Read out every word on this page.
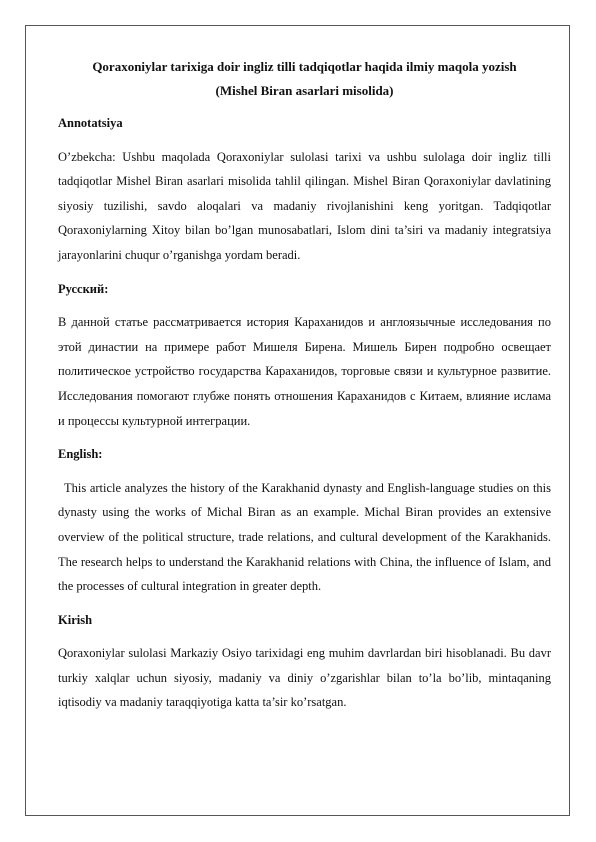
Qoraxoniylar tarixiga doir ingliz tilli tadqiqotlar haqida ilmiy maqola yozish
(Mishel Biran asarlari misolida)
Annotatsiya

O’zbekcha: Ushbu maqolada Qoraxoniylar sulolasi tarixi va ushbu sulolaga doir ingliz tilli tadqiqotlar Mishel Biran asarlari misolida tahlil qilingan. Mishel Biran Qoraxoniylar davlatining siyosiy tuzilishi, savdo aloqalari va madaniy rivojlanishini keng yoritgan. Tadqiqotlar Qoraxoniylarning Xitoy bilan bo’lgan munosabatlari, Islom dini ta’siri va madaniy integratsiya jarayonlarini chuqur o’rganishga yordam beradi.

Русский:

В данной статье рассматривается история Караханидов и англоязычные исследования по этой династии на примере работ Мишеля Бирена. Мишель Бирен подробно освещает политическое устройство государства Караханидов, торговые связи и культурное развитие. Исследования помогают глубже понять отношения Караханидов с Китаем, влияние ислама и процессы культурной интеграции.

English:

This article analyzes the history of the Karakhanid dynasty and English-language studies on this dynasty using the works of Michal Biran as an example. Michal Biran provides an extensive overview of the political structure, trade relations, and cultural development of the Karakhanids. The research helps to understand the Karakhanid relations with China, the influence of Islam, and the processes of cultural integration in greater depth.

Kirish

Qoraxoniylar sulolasi Markaziy Osiyo tarixidagi eng muhim davrlardan biri hisoblanadi. Bu davr turkiy xalqlar uchun siyosiy, madaniy va diniy o’zgarishlar bilan to’la bo’lib, mintaqaning iqtisodiy va madaniy taraqqiyotiga katta ta’sir ko’rsatgan.
